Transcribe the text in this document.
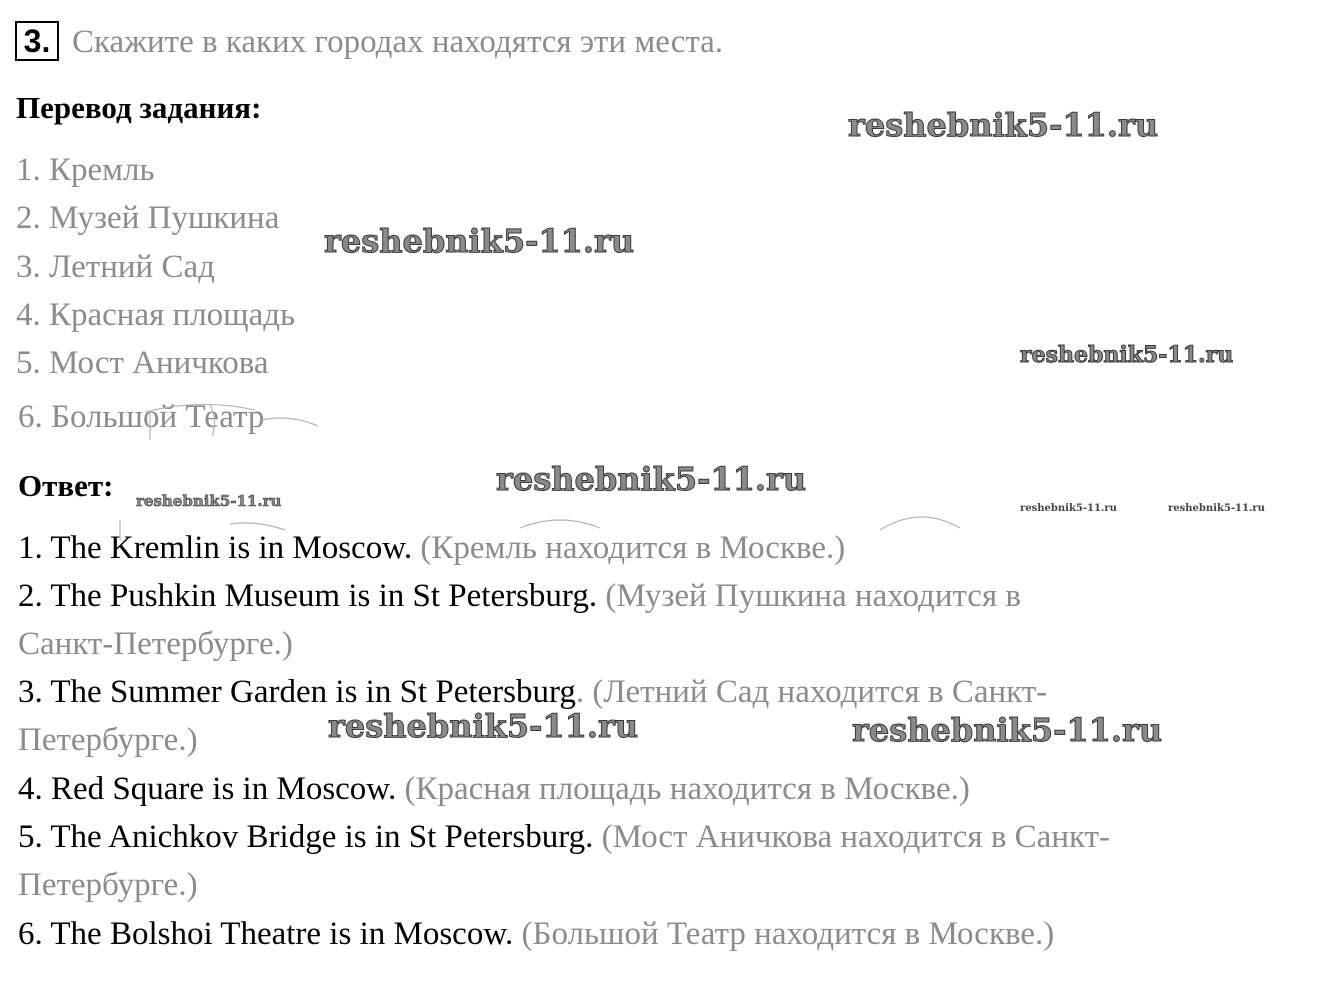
3. Скажите в каких городах находятся эти места.
Перевод задания:
1. Кремль
2. Музей Пушкина
3. Летний Сад
4. Красная площадь
5. Мост Аничкова
6. Большой Театр
Ответ:
1. The Kremlin is in Moscow. (Кремль находится в Москве.)
2. The Pushkin Museum is in St Petersburg. (Музей Пушкина находится в
Санкт-Петербурге.)
3. The Summer Garden is in St Petersburg. (Летний Сад находится в Санкт-
Петербурге.)
4. Red Square is in Moscow. (Красная площадь находится в Москве.)
5. The Anichkov Bridge is in St Petersburg. (Мост Аничкова находится в Санкт-
Петербурге.)
6. The Bolshoi Theatre is in Moscow. (Большой Театр находится в Москве.)
reshebnik5-11.ru
reshebnik5-11.ru
reshebnik5-11.ru
reshebnik5-11.ru
reshebnik5-11.ru	reshebnik5-11.ru	reshebnik5-11.ru
reshebnik5-11.ru	reshebnik5-11.ru
